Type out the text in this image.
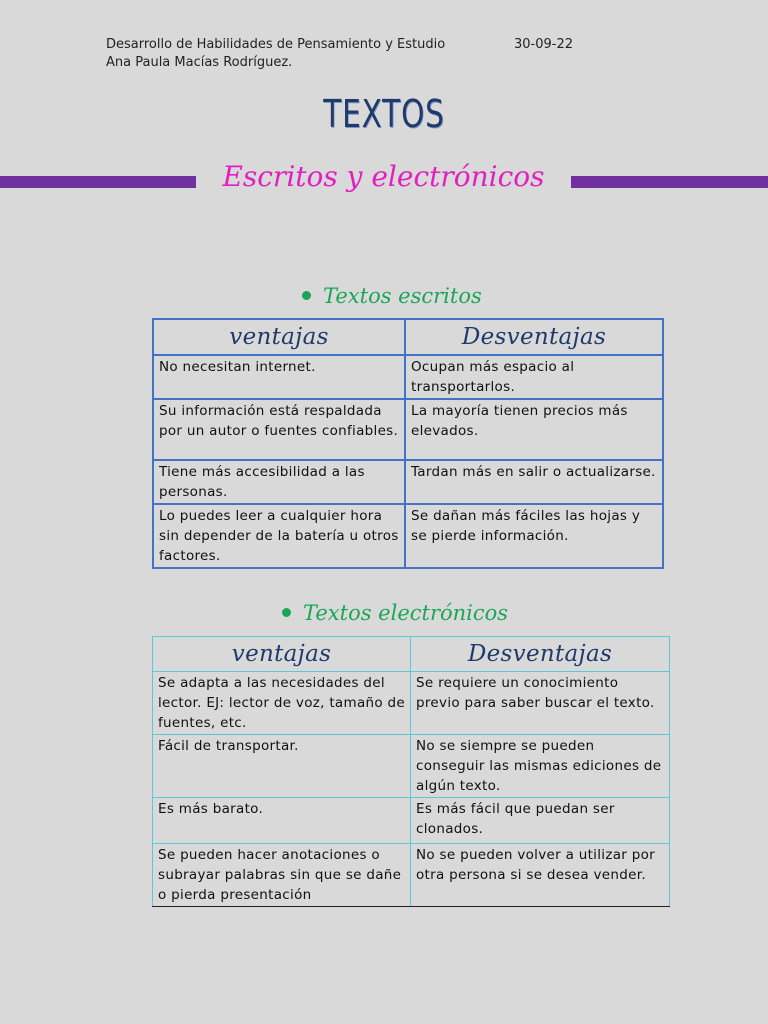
Desarrollo de Habilidades de Pensamiento y Estudio	30-09-22
Ana Paula Macías Rodríguez.
TEXTOS
Escritos y electrónicos
Textos escritos
ventajas	Desventajas
No necesitan internet.	Ocupan más espacio al transportarlos.
Su información está respaldada por un autor o fuentes confiables.	La mayoría tienen precios más elevados.
Tiene más accesibilidad a las personas.	Tardan más en salir o actualizarse.
Lo puedes leer a cualquier hora sin depender de la batería u otros factores.	Se dañan más fáciles las hojas y se pierde información.
Textos electrónicos
ventajas	Desventajas
Se adapta a las necesidades del lector. EJ: lector de voz, tamaño de fuentes, etc.	Se requiere un conocimiento previo para saber buscar el texto.
Fácil de transportar.	No se siempre se pueden conseguir las mismas ediciones de algún texto.
Es más barato.	Es más fácil que puedan ser clonados.
Se pueden hacer anotaciones o subrayar palabras sin que se dañe o pierda presentación	No se pueden volver a utilizar por otra persona si se desea vender.
